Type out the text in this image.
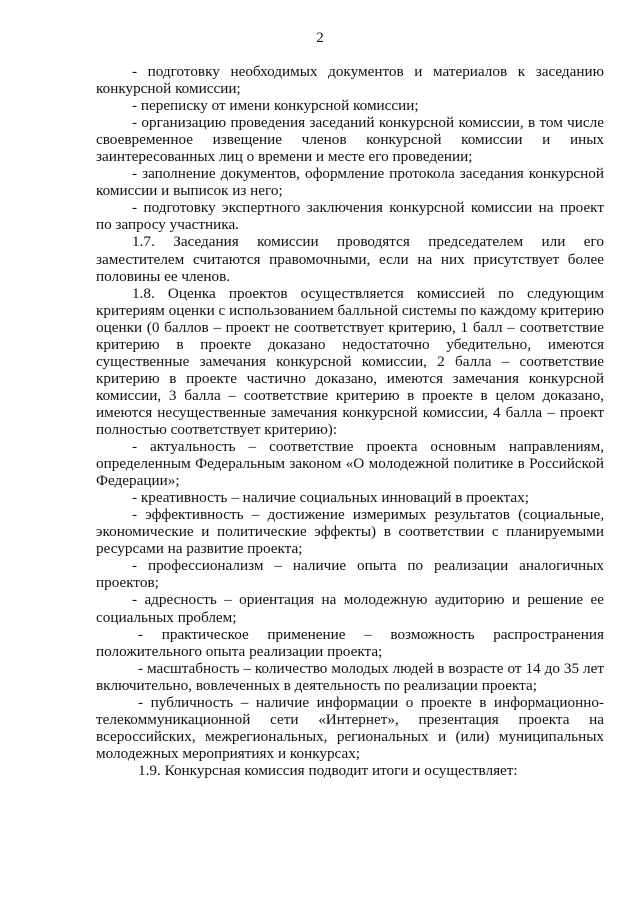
2

- подготовку необходимых документов и материалов к заседанию конкурсной комиссии;

- переписку от имени конкурсной комиссии;

- организацию проведения заседаний конкурсной комиссии, в том числе своевременное извещение членов конкурсной комиссии и иных заинтересованных лиц о времени и месте его проведении;

- заполнение документов, оформление протокола заседания конкурсной комиссии и выписок из него;

- подготовку экспертного заключения конкурсной комиссии на проект по запросу участника.

1.7. Заседания комиссии проводятся председателем или его заместителем считаются правомочными, если на них присутствует более половины ее членов.

1.8. Оценка проектов осуществляется комиссией по следующим критериям оценки с использованием балльной системы по каждому критерию оценки (0 баллов – проект не соответствует критерию, 1 балл – соответствие критерию в проекте доказано недостаточно убедительно, имеются существенные замечания конкурсной комиссии, 2 балла – соответствие критерию в проекте частично доказано, имеются замечания конкурсной комиссии, 3 балла – соответствие критерию в проекте в целом доказано, имеются несущественные замечания конкурсной комиссии, 4 балла – проект полностью соответствует критерию):

- актуальность – соответствие проекта основным направлениям, определенным Федеральным законом «О молодежной политике в Российской Федерации»;

- креативность – наличие социальных инноваций в проектах;

- эффективность – достижение измеримых результатов (социальные, экономические и политические эффекты) в соответствии с планируемыми ресурсами на развитие проекта;

- профессионализм – наличие опыта по реализации аналогичных проектов;

- адресность – ориентация на молодежную аудиторию и решение ее социальных проблем;

- практическое применение – возможность распространения положительного опыта реализации проекта;

- масштабность – количество молодых людей в возрасте от 14 до 35 лет включительно, вовлеченных в деятельность по реализации проекта;

- публичность – наличие информации о проекте в информационно-телекоммуникационной сети «Интернет», презентация проекта на всероссийских, межрегиональных, региональных и (или) муниципальных молодежных мероприятиях и конкурсах;

1.9. Конкурсная комиссия подводит итоги и осуществляет:
